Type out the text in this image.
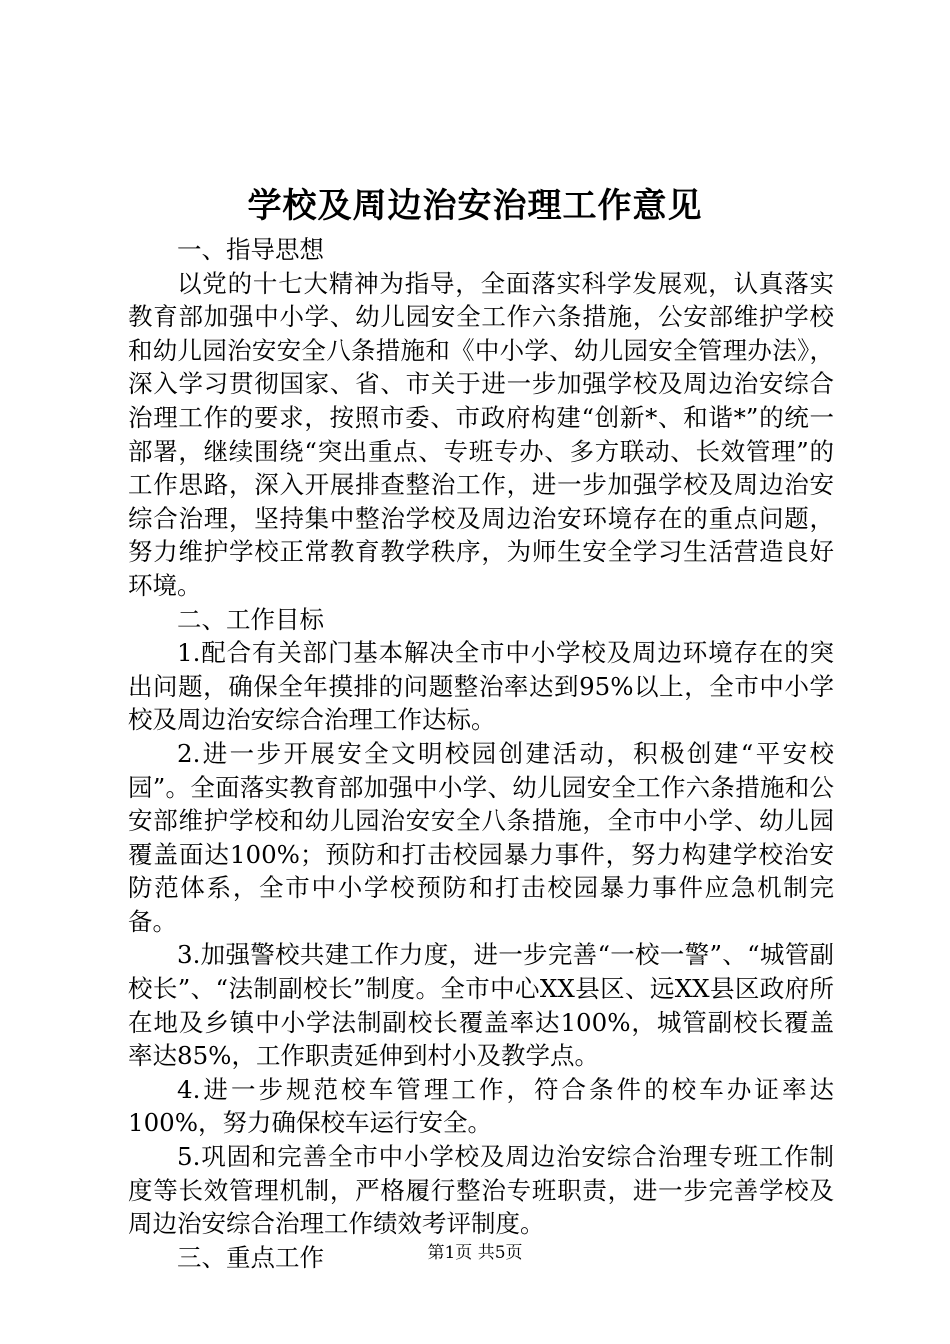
学校及周边治安治理工作意见

一、指导思想

以党的十七大精神为指导，全面落实科学发展观，认真落实教育部加强中小学、幼儿园安全工作六条措施，公安部维护学校和幼儿园治安安全八条措施和《中小学、幼儿园安全管理办法》，深入学习贯彻国家、省、市关于进一步加强学校及周边治安综合治理工作的要求，按照市委、市政府构建“创新*、和谐*”的统一部署，继续围绕“突出重点、专班专办、多方联动、长效管理”的工作思路，深入开展排查整治工作，进一步加强学校及周边治安综合治理，坚持集中整治学校及周边治安环境存在的重点问题，努力维护学校正常教育教学秩序，为师生安全学习生活营造良好环境。

二、工作目标

1.配合有关部门基本解决全市中小学校及周边环境存在的突出问题，确保全年摸排的问题整治率达到95%以上，全市中小学校及周边治安综合治理工作达标。

2.进一步开展安全文明校园创建活动，积极创建“平安校园”。全面落实教育部加强中小学、幼儿园安全工作六条措施和公安部维护学校和幼儿园治安安全八条措施，全市中小学、幼儿园覆盖面达100%；预防和打击校园暴力事件，努力构建学校治安防范体系，全市中小学校预防和打击校园暴力事件应急机制完备。

3.加强警校共建工作力度，进一步完善“一校一警”、“城管副校长”、“法制副校长”制度。全市中心XX县区、远XX县区政府所在地及乡镇中小学法制副校长覆盖率达100%，城管副校长覆盖率达85%，工作职责延伸到村小及教学点。

4.进一步规范校车管理工作，符合条件的校车办证率达100%，努力确保校车运行安全。

5.巩固和完善全市中小学校及周边治安综合治理专班工作制度等长效管理机制，严格履行整治专班职责，进一步完善学校及周边治安综合治理工作绩效考评制度。

三、重点工作	第1页 共5页
